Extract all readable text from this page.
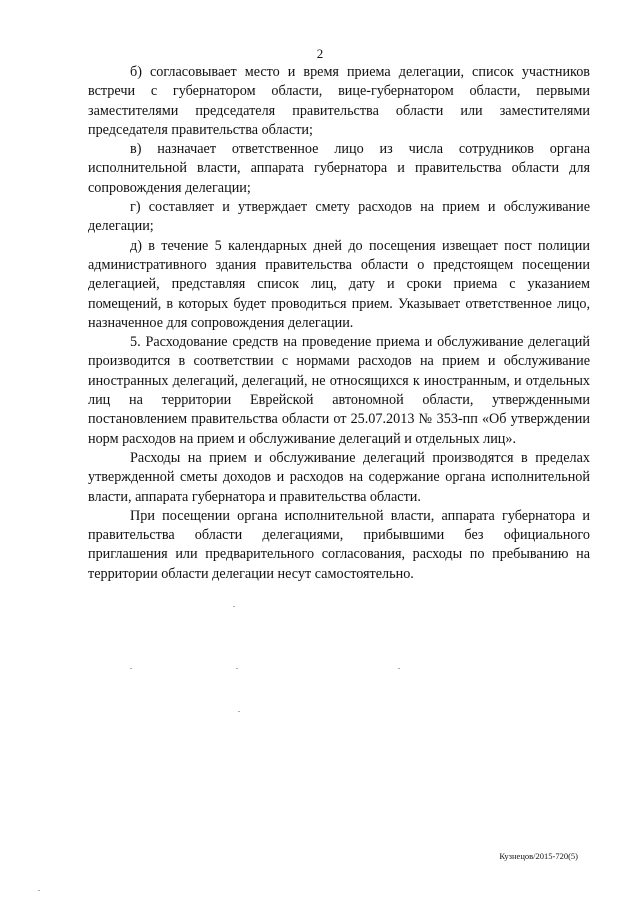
2

б) согласовывает место и время приема делегации, список участников встречи с губернатором области, вице-губернатором области, первыми заместителями председателя правительства области или заместителями председателя правительства области;

в) назначает ответственное лицо из числа сотрудников органа исполнительной власти, аппарата губернатора и правительства области для сопровождения делегации;

г) составляет и утверждает смету расходов на прием и обслуживание делегации;

д) в течение 5 календарных дней до посещения извещает пост полиции административного здания правительства области о предстоящем посещении делегацией, представляя список лиц, дату и сроки приема с указанием помещений, в которых будет проводиться прием. Указывает ответственное лицо, назначенное для сопровождения делегации.

5. Расходование средств на проведение приема и обслуживание делегаций производится в соответствии с нормами расходов на прием и обслуживание иностранных делегаций, делегаций, не относящихся к иностранным, и отдельных лиц на территории Еврейской автономной области, утвержденными постановлением правительства области от 25.07.2013 № 353-пп «Об утверждении норм расходов на прием и обслуживание делегаций и отдельных лиц».

Расходы на прием и обслуживание делегаций производятся в пределах утвержденной сметы доходов и расходов на содержание органа исполнительной власти, аппарата губернатора и правительства области.

При посещении органа исполнительной власти, аппарата губернатора и правительства области делегациями, прибывшими без официального приглашения или предварительного согласования, расходы по пребыванию на территории области делегации несут самостоятельно.

Кузнецов/2015-720(5)
